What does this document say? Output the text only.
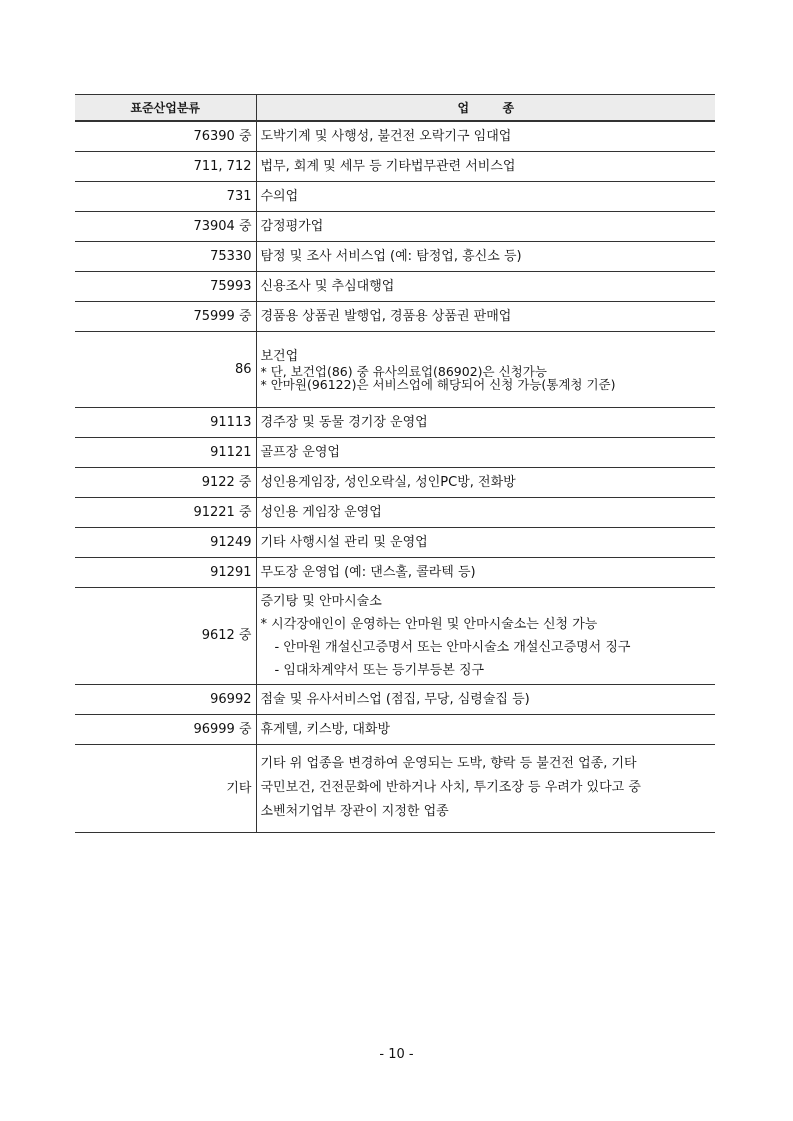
표준산업분류	업        종
76390 중	도박기계 및 사행성, 불건전 오락기구 임대업
711, 712	법무, 회계 및 세무 등 기타법무관련 서비스업
731	수의업
73904 중	감정평가업
75330	탐정 및 조사 서비스업 (예: 탐정업, 흥신소 등)
75993	신용조사 및 추심대행업
75999 중	경품용 상품권 발행업, 경품용 상품권 판매업
86	보건업
* 단, 보건업(86) 중 유사의료업(86902)은 신청가능
* 안마원(96122)은 서비스업에 해당되어 신청 가능(통계청 기준)

91113	경주장 및 동물 경기장 운영업
91121	골프장 운영업
9122 중	성인용게임장, 성인오락실, 성인PC방, 전화방
91221 중	성인용 게임장 운영업
91249	기타 사행시설 관리 및 운영업
91291	무도장 운영업 (예: 댄스홀, 콜라텍 등)
9612 중	증기탕 및 안마시술소
* 시각장애인이 운영하는 안마원 및 안마시술소는 신청 가능
- 안마원 개설신고증명서 또는 안마시술소 개설신고증명서 징구
- 임대차계약서 또는 등기부등본 징구

96992	점술 및 유사서비스업 (점집, 무당, 심령술집 등)
96999 중	휴게텔, 키스방, 대화방
기타	기타 위 업종을 변경하여 운영되는 도박, 향락 등 불건전 업종, 기타
국민보건, 건전문화에 반하거나 사치, 투기조장 등 우려가 있다고 중
소벤처기업부 장관이 지정한 업종
- 10 -
